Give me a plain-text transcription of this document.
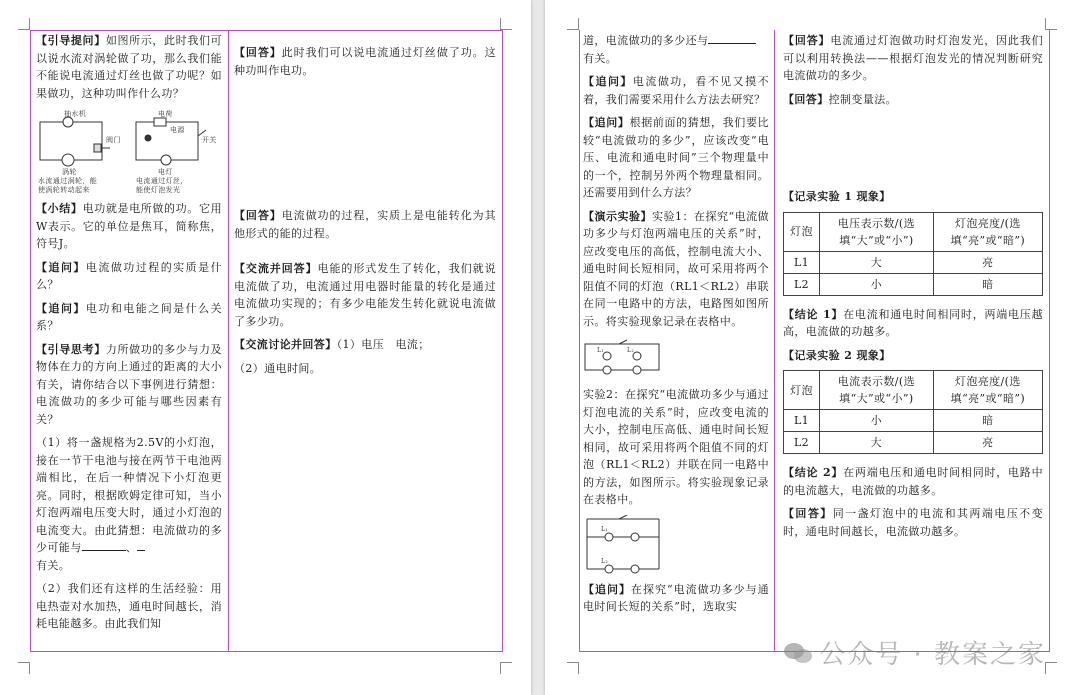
【引导提问】如图所示，此时我们可以说水流对涡轮做了功，那么我们能不能说电流通过灯丝也做了功呢？如果做功，这种功叫作什么功？

抽水机
阀门
涡轮
水流通过涡轮，能
使涡轮转动起来
电荷
电源
开关
电灯
电流通过灯丝，
能使灯泡发光

【小结】电功就是电所做的功。它用W表示。它的单位是焦耳，简称焦，符号J。

【追问】电流做功过程的实质是什么？

【追问】电功和电能之间是什么关系？

【引导思考】力所做功的多少与力及物体在力的方向上通过的距离的大小有关，请你结合以下事例进行猜想：电流做功的多少可能与哪些因素有关？

（1）将一盏规格为2.5V的小灯泡，接在一节干电池与接在两节干电池两端相比，在后一种情况下小灯泡更亮。同时，根据欧姆定律可知，当小灯泡两端电压变大时，通过小灯泡的电流变大。由此猜想：电流做功的多少可能与	、
有关。

（2）我们还有这样的生活经验：用电热壶对水加热，通电时间越长，消耗电能越多。由此我们知

【回答】此时我们可以说电流通过灯丝做了功。这种功叫作电功。

【回答】电流做功的过程，实质上是电能转化为其他形式的能的过程。

【交流并回答】电能的形式发生了转化，我们就说电流做了功，电流通过用电器时能量的转化是通过电流做功实现的；有多少电能发生转化就说电流做了多少功。

【交流讨论并回答】（1）电压　电流；

（2）通电时间。

道，电流做功的多少还与
有关。

【追问】电流做功，看不见又摸不着，我们需要采用什么方法去研究？

【追问】根据前面的猜想，我们要比较“电流做功的多少”，应该改变“电压、电流和通电时间”三个物理量中的一个，控制另外两个物理量相同。还需要用到什么方法？

【演示实验】实验1：在探究“电流做功多少与灯泡两端电压的关系”时，应改变电压的高低，控制电流大小、通电时间长短相同，故可采用将两个阻值不同的灯泡（RL1＜RL2）串联在同一电路中的方法，电路图如图所示。将实验现象记录在表格中。

L₁	L₂

实验2：在探究“电流做功多少与通过灯泡电流的关系”时，应改变电流的大小，控制电压高低、通电时间长短相同，故可采用将两个阻值不同的灯泡（RL1＜RL2）并联在同一电路中的方法，如图所示。将实验现象记录在表格中。

L₁
L₂

【追问】在探究“电流做功多少与通电时间长短的关系”时，选取实

【回答】电流通过灯泡做功时灯泡发光，因此我们可以利用转换法——根据灯泡发光的情况判断研究电流做功的多少。

【回答】控制变量法。

【记录实验 1 现象】
灯泡	电压表示数/(选填“大”或“小”)	灯泡亮度/(选填“亮”或“暗”)
L1	大	亮
L2	小	暗

【结论 1】在电流和通电时间相同时，两端电压越高，电流做的功越多。

【记录实验 2 现象】
灯泡	电流表示数/(选填“大”或“小”)	灯泡亮度/(选填“亮”或“暗”)
L1	小	暗
L2	大	亮

【结论 2】在两端电压和通电时间相同时，电路中的电流越大，电流做的功越多。

【回答】同一盏灯泡中的电流和其两端电压不变时，通电时间越长，电流做功越多。

公众号 · 教案之家
